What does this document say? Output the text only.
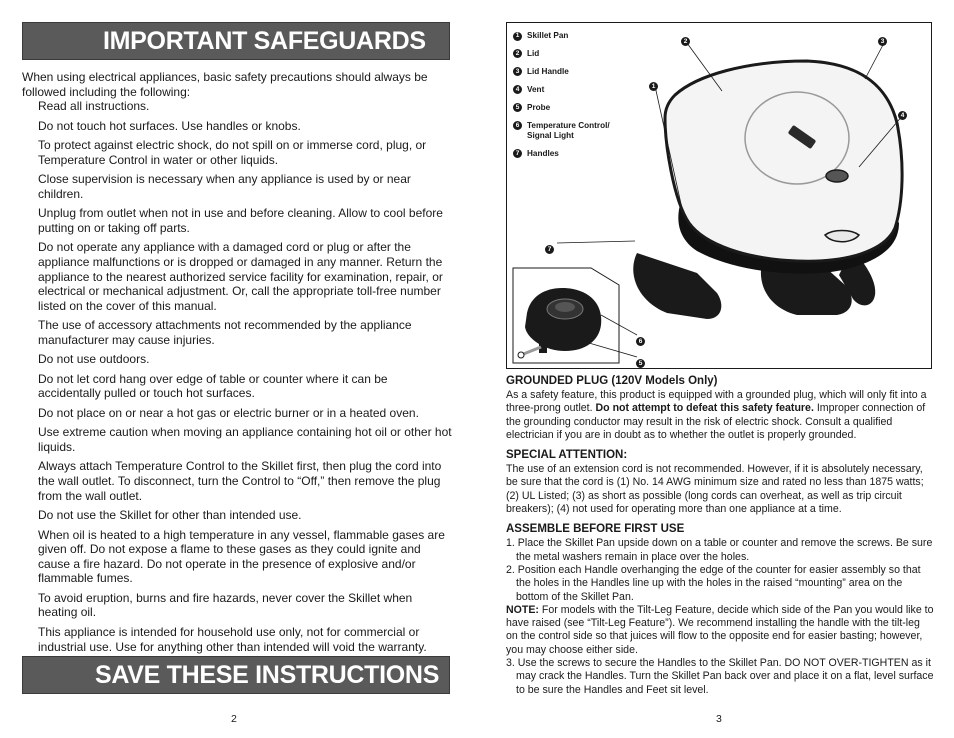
IMPORTANT SAFEGUARDS

When using electrical appliances, basic safety precautions should always be followed including the following:

Read all instructions.
Do not touch hot surfaces. Use handles or knobs.
To protect against electric shock, do not spill on or immerse cord, plug, or Temperature Control in water or other liquids.
Close supervision is necessary when any appliance is used by or near children.
Unplug from outlet when not in use and before cleaning. Allow to cool before putting on or taking off parts.
Do not operate any appliance with a damaged cord or plug or after the appliance malfunctions or is dropped or damaged in any manner. Return the appliance to the nearest authorized service facility for examination, repair, or electrical or mechanical adjustment. Or, call the appropriate toll-free number listed on the cover of this manual.
The use of accessory attachments not recommended by the appliance manufacturer may cause injuries.
Do not use outdoors.
Do not let cord hang over edge of table or counter where it can be accidentally pulled or touch hot surfaces.
Do not place on or near a hot gas or electric burner or in a heated oven.
Use extreme caution when moving an appliance containing hot oil or other hot liquids.
Always attach Temperature Control to the Skillet first, then plug the cord into the wall outlet. To disconnect, turn the Control to “Off,” then remove the plug from the wall outlet.
Do not use the Skillet for other than intended use.
When oil is heated to a high temperature in any vessel, flammable gases are given off. Do not expose a flame to these gases as they could ignite and cause a fire hazard. Do not operate in the presence of explosive and/or flammable fumes.
To avoid eruption, burns and fire hazards, never cover the Skillet when heating oil.
This appliance is intended for household use only, not for commercial or industrial use. Use for anything other than intended will void the warranty.
SAVE THESE INSTRUCTIONS
2
1 Skillet Pan
2 Lid
3 Lid Handle
4 Vent
5 Probe
6 Temperature Control/ Signal Light
7 Handles
2	3
1
4
7
6
5
GROUNDED PLUG (120V Models Only)

As a safety feature, this product is equipped with a grounded plug, which will only fit into a three-prong outlet. Do not attempt to defeat this safety feature. Improper connection of the grounding conductor may result in the risk of electric shock. Consult a qualified electrician if you are in doubt as to whether the outlet is properly grounded.

SPECIAL ATTENTION:

The use of an extension cord is not recommended. However, if it is absolutely necessary, be sure that the cord is (1) No. 14 AWG minimum size and rated no less than 1875 watts; (2) UL Listed; (3) as short as possible (long cords can overheat, as well as trip circuit breakers); (4) not used for operating more than one appliance at a time.

ASSEMBLE BEFORE FIRST USE
1. Place the Skillet Pan upside down on a table or counter and remove the screws. Be sure the metal washers remain in place over the holes.
2. Position each Handle overhanging the edge of the counter for easier assembly so that the holes in the Handles line up with the holes in the raised “mounting” area on the bottom of the Skillet Pan.

NOTE: For models with the Tilt-Leg Feature, decide which side of the Pan you would like to have raised (see “Tilt-Leg Feature”). We recommend installing the handle with the tilt-leg on the control side so that juices will flow to the opposite end for easier basting; however, you may choose either side.

3. Use the screws to secure the Handles to the Skillet Pan. DO NOT OVER-TIGHTEN as it may crack the Handles. Turn the Skillet Pan back over and place it on a flat, level surface to be sure the Handles and Feet sit level.
3
